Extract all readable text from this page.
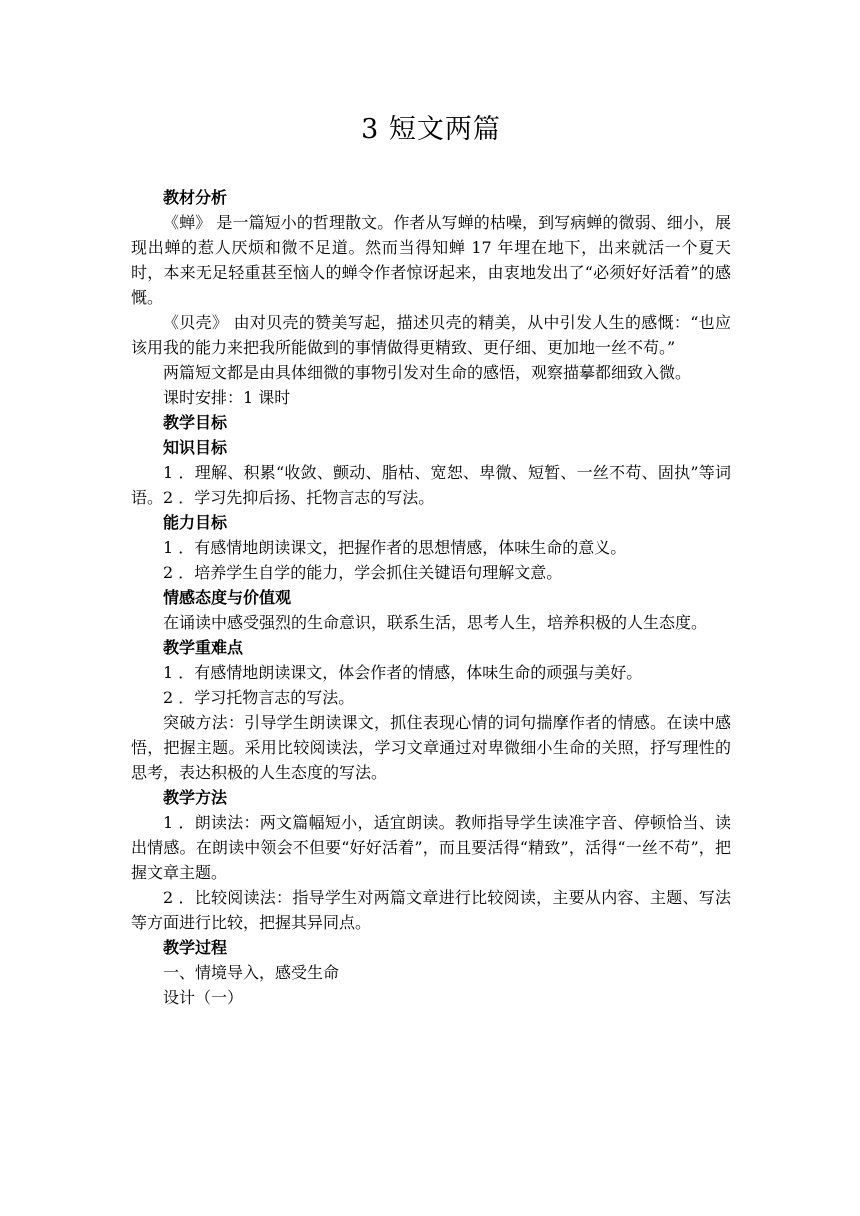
3 短文两篇

教材分析

《蝉》 是一篇短小的哲理散文。作者从写蝉的枯噪，到写病蝉的微弱、细小，展现出蝉的惹人厌烦和微不足道。然而当得知蝉 17 年埋在地下，出来就活一个夏天时，本来无足轻重甚至恼人的蝉令作者惊讶起来，由衷地发出了“必须好好活着”的感慨。

《贝壳》 由对贝壳的赞美写起，描述贝壳的精美，从中引发人生的感慨：“也应该用我的能力来把我所能做到的事情做得更精致、更仔细、更加地一丝不苟。”

两篇短文都是由具体细微的事物引发对生命的感悟，观察描摹都细致入微。

课时安排：1 课时

教学目标

知识目标

1 ．理解、积累“收敛、颤动、脂枯、宽恕、卑微、短暂、一丝不苟、固执”等词语。2 ．学习先抑后扬、托物言志的写法。

能力目标

1 ．有感情地朗读课文，把握作者的思想情感，体味生命的意义。

2 ．培养学生自学的能力，学会抓住关键语句理解文意。

情感态度与价值观

在诵读中感受强烈的生命意识，联系生活，思考人生，培养积极的人生态度。

教学重难点

1 ．有感情地朗读课文，体会作者的情感，体味生命的顽强与美好。

2 ．学习托物言志的写法。

突破方法：引导学生朗读课文，抓住表现心情的词句揣摩作者的情感。在读中感悟，把握主题。采用比较阅读法，学习文章通过对卑微细小生命的关照，抒写理性的思考，表达积极的人生态度的写法。

教学方法

1 ．朗读法：两文篇幅短小，适宜朗读。教师指导学生读准字音、停顿恰当、读出情感。在朗读中领会不但要“好好活着”，而且要活得“精致”，活得“一丝不苟”，把握文章主题。

2 ．比较阅读法：指导学生对两篇文章进行比较阅读，主要从内容、主题、写法等方面进行比较，把握其异同点。

教学过程

一、情境导入，感受生命

设计（一）
